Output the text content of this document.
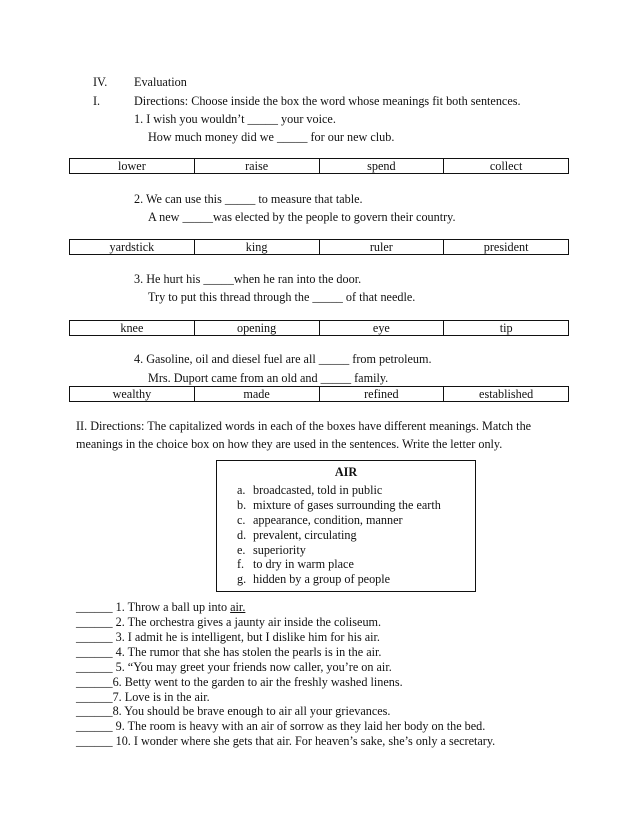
IV. Evaluation
I.	Directions: Choose inside the box the word whose meanings fit both sentences.
1. I wish you wouldn’t _____ your voice.
How much money did we _____ for our new club.
lower	raise	spend	collect
2. We can use this _____ to measure that table.
A new _____was elected by the people to govern their country.
yardstick	king	ruler	president
3. He hurt his _____when he ran into the door.
Try to put this thread through the _____ of that needle.
knee	opening	eye	tip
4. Gasoline, oil and diesel fuel are all _____ from petroleum.
Mrs. Duport came from an old and _____ family.
wealthy	made	refined	established
II. Directions: The capitalized words in each of the boxes have different meanings. Match the
meanings in the choice box on how they are used in the sentences. Write the letter only.
AIR
a. broadcasted, told in public
b. mixture of gases surrounding the earth
c. appearance, condition, manner
d. prevalent, circulating
e. superiority
f. to dry in warm place
g. hidden by a group of people
______ 1. Throw a ball up into air.
______ 2. The orchestra gives a jaunty air inside the coliseum.
______ 3. I admit he is intelligent, but I dislike him for his air.
______ 4. The rumor that she has stolen the pearls is in the air.
______ 5. “You may greet your friends now caller, you’re on air.
______6. Betty went to the garden to air the freshly washed linens.
______7. Love is in the air.
______8. You should be brave enough to air all your grievances.
______ 9. The room is heavy with an air of sorrow as they laid her body on the bed.
______ 10. I wonder where she gets that air. For heaven’s sake, she’s only a secretary.
